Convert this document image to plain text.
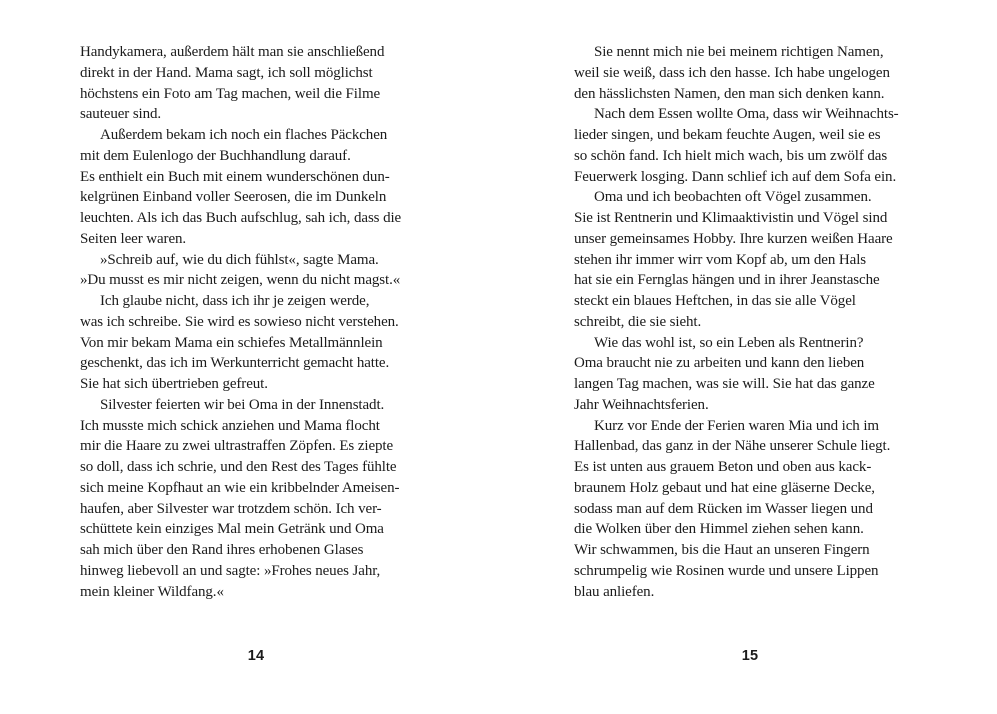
Handykamera, außerdem hält man sie anschließend
direkt in der Hand. Mama sagt, ich soll möglichst
höchstens ein Foto am Tag machen, weil die Filme
sauteuer sind.
Außerdem bekam ich noch ein flaches Päckchen
mit dem Eulenlogo der Buchhandlung darauf.
Es enthielt ein Buch mit einem wunderschönen dun-
kelgrünen Einband voller Seerosen, die im Dunkeln
leuchten. Als ich das Buch aufschlug, sah ich, dass die
Seiten leer waren.
»Schreib auf, wie du dich fühlst«, sagte Mama.
»Du musst es mir nicht zeigen, wenn du nicht magst.«
Ich glaube nicht, dass ich ihr je zeigen werde,
was ich schreibe. Sie wird es sowieso nicht verstehen.
Von mir bekam Mama ein schiefes Metallmännlein
geschenkt, das ich im Werkunterricht gemacht hatte.
Sie hat sich übertrieben gefreut.
Silvester feierten wir bei Oma in der Innenstadt.
Ich musste mich schick anziehen und Mama flocht
mir die Haare zu zwei ultrastraffen Zöpfen. Es ziepte
so doll, dass ich schrie, und den Rest des Tages fühlte
sich meine Kopfhaut an wie ein kribbelnder Ameisen-
haufen, aber Silvester war trotzdem schön. Ich ver-
schüttete kein einziges Mal mein Getränk und Oma
sah mich über den Rand ihres erhobenen Glases
hinweg liebevoll an und sagte: »Frohes neues Jahr,
mein kleiner Wildfang.«
14
Sie nennt mich nie bei meinem richtigen Namen,
weil sie weiß, dass ich den hasse. Ich habe ungelogen
den hässlichsten Namen, den man sich denken kann.
Nach dem Essen wollte Oma, dass wir Weihnachts-
lieder singen, und bekam feuchte Augen, weil sie es
so schön fand. Ich hielt mich wach, bis um zwölf das
Feuerwerk losging. Dann schlief ich auf dem Sofa ein.
Oma und ich beobachten oft Vögel zusammen.
Sie ist Rentnerin und Klimaaktivistin und Vögel sind
unser gemeinsames Hobby. Ihre kurzen weißen Haare
stehen ihr immer wirr vom Kopf ab, um den Hals
hat sie ein Fernglas hängen und in ihrer Jeanstasche
steckt ein blaues Heftchen, in das sie alle Vögel
schreibt, die sie sieht.
Wie das wohl ist, so ein Leben als Rentnerin?
Oma braucht nie zu arbeiten und kann den lieben
langen Tag machen, was sie will. Sie hat das ganze
Jahr Weihnachtsferien.
Kurz vor Ende der Ferien waren Mia und ich im
Hallenbad, das ganz in der Nähe unserer Schule liegt.
Es ist unten aus grauem Beton und oben aus kack-
braunem Holz gebaut und hat eine gläserne Decke,
sodass man auf dem Rücken im Wasser liegen und
die Wolken über den Himmel ziehen sehen kann.
Wir schwammen, bis die Haut an unseren Fingern
schrumpelig wie Rosinen wurde und unsere Lippen
blau anliefen.
15
